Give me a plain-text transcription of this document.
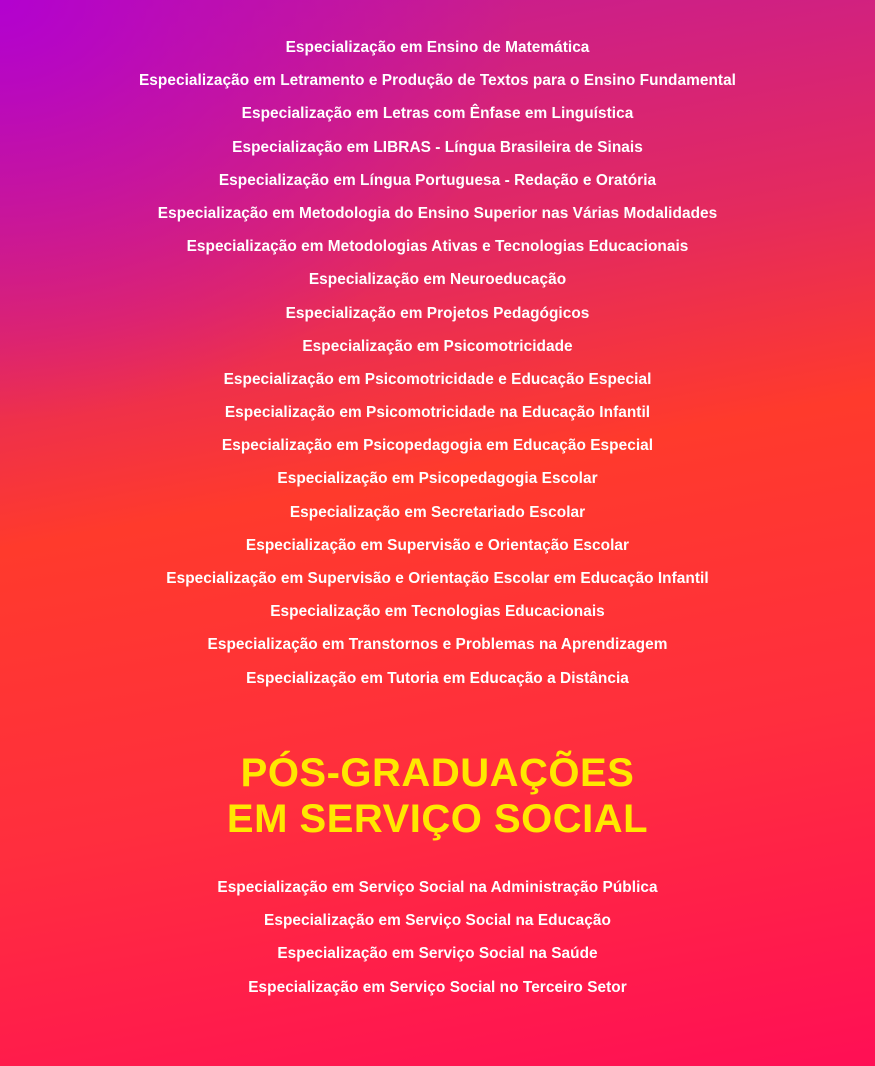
Especialização em Ensino de Matemática
Especialização em Letramento e Produção de Textos para o Ensino Fundamental
Especialização em Letras com Ênfase em Linguística
Especialização em LIBRAS - Língua Brasileira de Sinais
Especialização em Língua Portuguesa - Redação e Oratória
Especialização em Metodologia do Ensino Superior nas Várias Modalidades
Especialização em Metodologias Ativas e Tecnologias Educacionais
Especialização em Neuroeducação
Especialização em Projetos Pedagógicos
Especialização em Psicomotricidade
Especialização em Psicomotricidade e Educação Especial
Especialização em Psicomotricidade na Educação Infantil
Especialização em Psicopedagogia em Educação Especial
Especialização em Psicopedagogia Escolar
Especialização em Secretariado Escolar
Especialização em Supervisão e Orientação Escolar
Especialização em Supervisão e Orientação Escolar em Educação Infantil
Especialização em Tecnologias Educacionais
Especialização em Transtornos e Problemas na Aprendizagem
Especialização em Tutoria em Educação a Distância
PÓS-GRADUAÇÕES
EM SERVIÇO SOCIAL
Especialização em Serviço Social na Administração Pública
Especialização em Serviço Social na Educação
Especialização em Serviço Social na Saúde
Especialização em Serviço Social no Terceiro Setor
